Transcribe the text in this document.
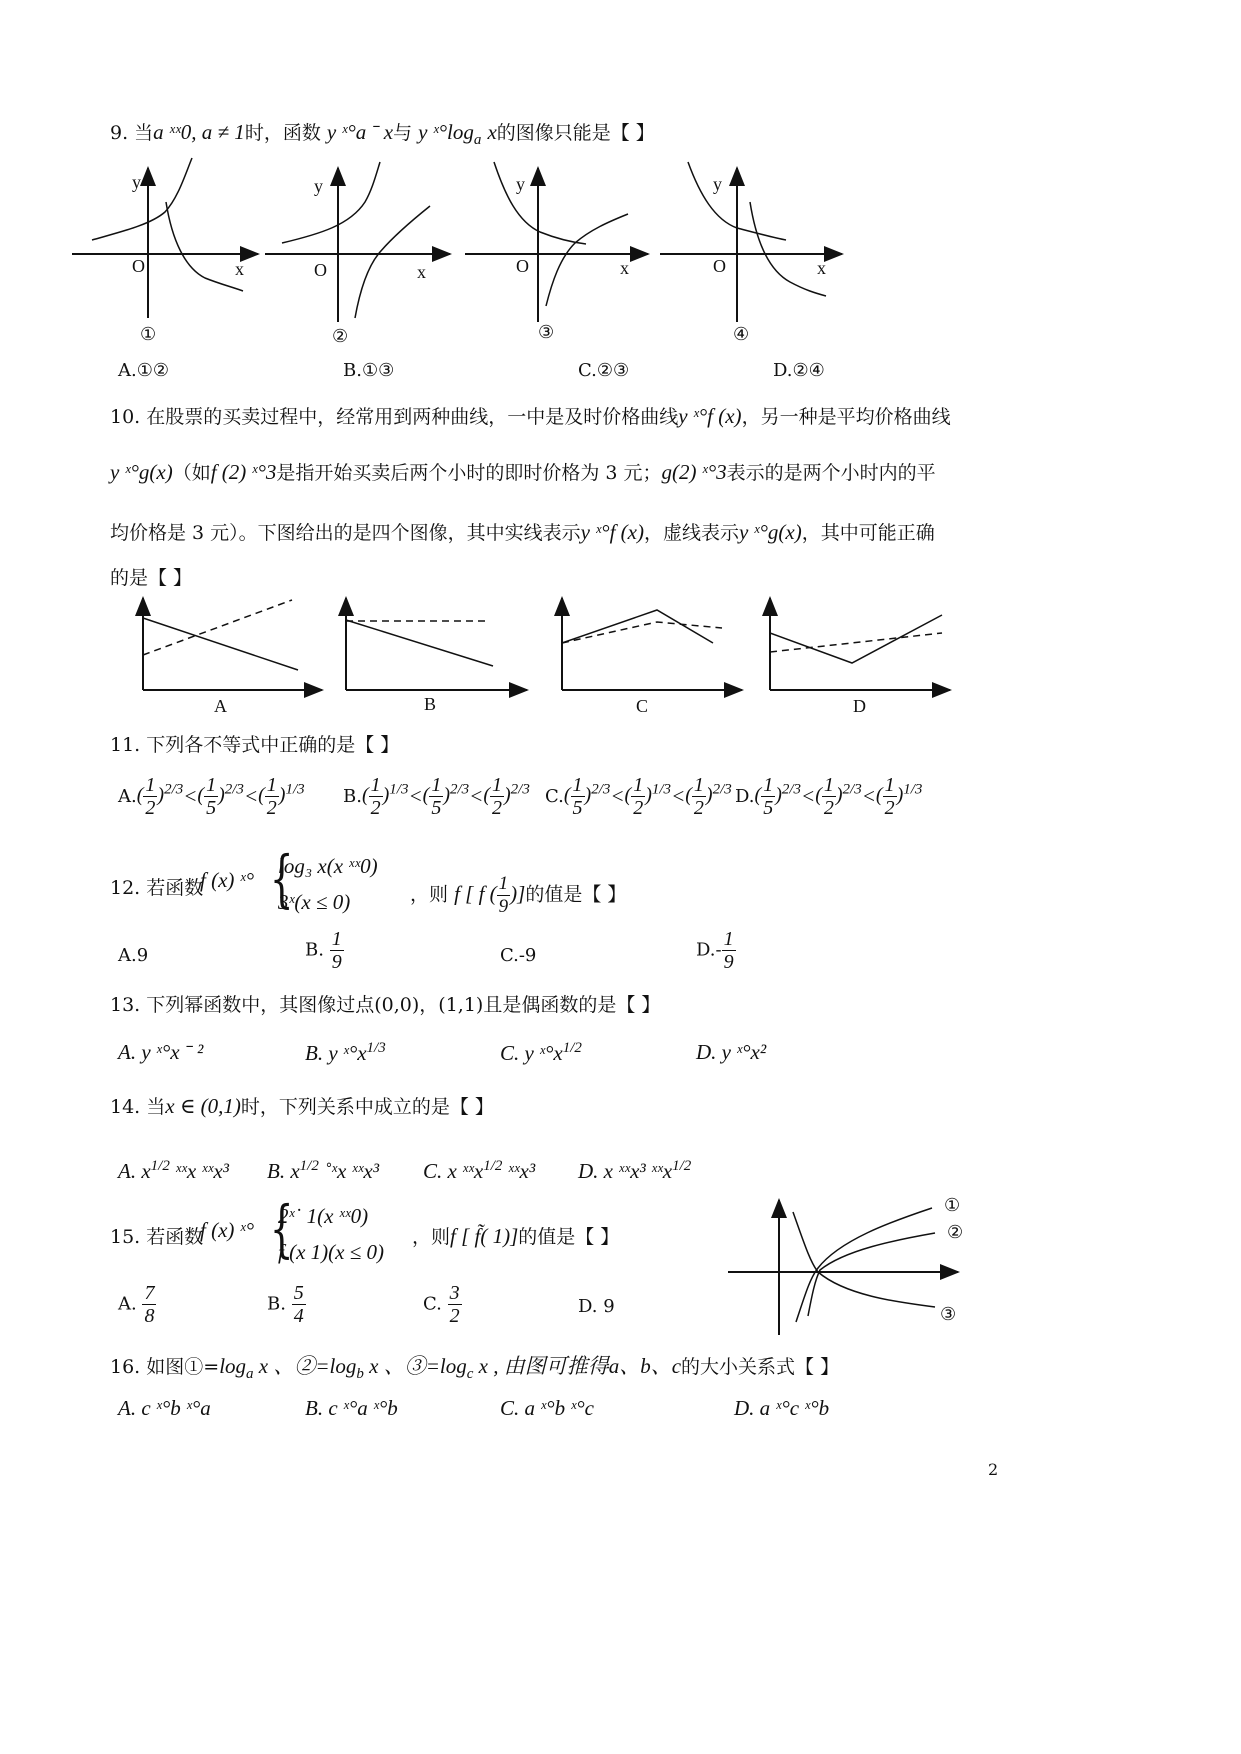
9. 当a ˣˣ0, a ≠ 1时，函数 y ˣ°a ˉ x与 y $ˣ^\circ\log_a$ x的图像只能是【 】
y
O	x
①
y
O	x
②
y
O	x
③
y
O	x
④
A.①②	B.①③	C.②③	D.②④
10. 在股票的买卖过程中，经常用到两种曲线，一中是及时价格曲线y ˣ°f (x)，另一种是平均价格曲线
y ˣ°g(x)（如f (2) ˣ°3是指开始买卖后两个小时的即时价格为 3 元；g(2) ˣ°3表示的是两个小时内的平
均价格是 3 元）。下图给出的是四个图像，其中实线表示y ˣ°f (x)，虚线表示y ˣ°g(x)，其中可能正确
的是【 】
A	B	C	D
11. 下列各不等式中正确的是【 】
$A.( \frac{1}{2} )^{2/3}<( \frac{1}{5} )^{2/3}<( \frac{1}{2} )^{1/3}$ $B.( \frac{1}{2} )^{1/3}<( \frac{1}{5} )^{2/3}<( \frac{1}{2} )^{2/3}$ $C.( \frac{1}{5} )^{2/3}<( \frac{1}{2} )^{1/3}<( \frac{1}{2} )^{2/3}$ $D.( \frac{1}{5} )^{2/3}<( \frac{1}{2} )^{2/3}<( \frac{1}{2} )^{1/3}$
12. 若函数
f (x) ˣ° {
log₃ x(x ˣˣ0)
3ˣ(x ≤ 0)	，则 f [ f ( $\frac{1}{9}$ )]的值是【 】
A.9	B. $\frac{1}{9}$	C.-9	$D.- \frac{1}{9}$
13. 下列幂函数中，其图像过点(0,0)，(1,1)且是偶函数的是【 】
A. y ˣ°x ˉ ²	B. y $ˣ^\circ x^{1/3}$	C. y $ˣ^\circ x^{1/2}$	D. y ˣ°x²
14. 当x ∈ (0,1)时，下列关系中成立的是【 】
A. $x^{1/2}$ ˣˣx ˣˣx³ B. $x^{1/2}$ ˚ˣx ˣˣx³ C. x ˣˣx$^{1/2}$ ˣˣx³ D. x ˣˣx³ ˣˣx$^{1/2}$
15. 若函数
f (x) ˣ° {
2ˣ˙ 1(x ˣˣ0)
f (x 1)(x ≤ 0)
，则f [ f̃( 1)]的值是【 】
A. $\frac{7}{8}$	B. $\frac{5}{4}$	C. $\frac{3}{2}$	D. 9
①
②
③
16. 如图$①=\log_a$ x 、$②=\log_b$ x 、$③=\log_c$ x , 由图可推得a、b、c的大小关系式【 】
A. c ˣ°b ˣ°a	B. c ˣ°a ˣ°b	C. a ˣ°b ˣ°c	D. a ˣ°c ˣ°b
2
